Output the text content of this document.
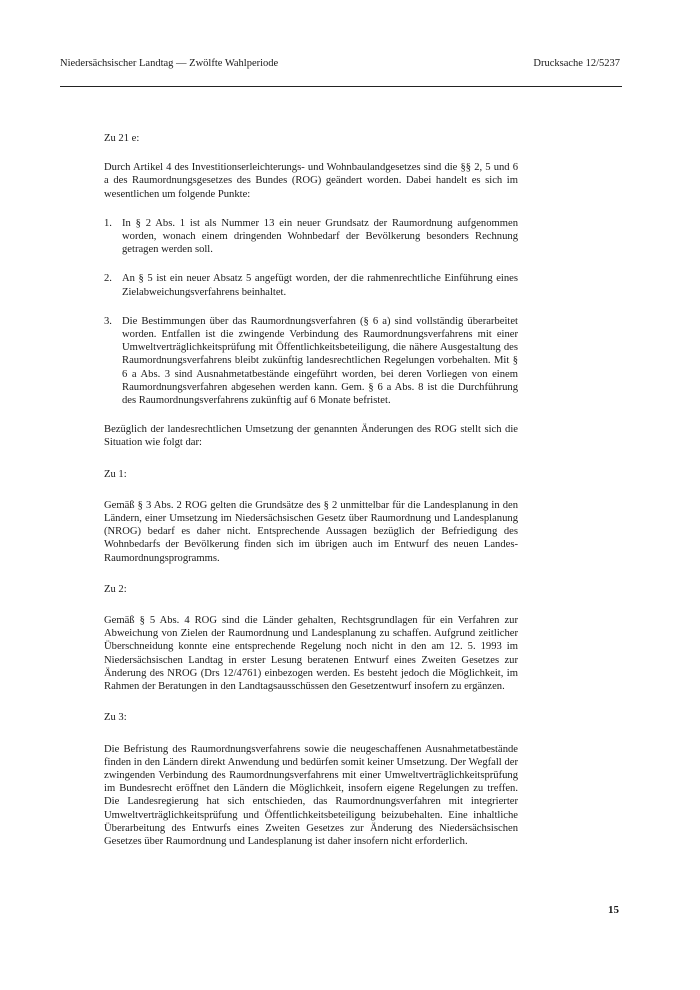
Niedersächsischer Landtag — Zwölfte Wahlperiode	Drucksache 12/5237

Zu 21 e:

Durch Artikel 4 des Investitionserleichterungs- und Wohnbaulandgesetzes sind die §§ 2, 5 und 6 a des Raumordnungsgesetzes des Bundes (ROG) geändert worden. Dabei handelt es sich im wesentlichen um folgende Punkte:

1. In § 2 Abs. 1 ist als Nummer 13 ein neuer Grundsatz der Raumordnung aufgenommen worden, wonach einem dringenden Wohnbedarf der Bevölkerung besonders Rechnung getragen werden soll.

2. An § 5 ist ein neuer Absatz 5 angefügt worden, der die rahmenrechtliche Einführung eines Zielabweichungsverfahrens beinhaltet.

3. Die Bestimmungen über das Raumordnungsverfahren (§ 6 a) sind vollständig überarbeitet worden. Entfallen ist die zwingende Verbindung des Raumordnungsverfahrens mit einer Umweltverträglichkeitsprüfung mit Öffentlichkeitsbeteiligung, die nähere Ausgestaltung des Raumordnungsverfahrens bleibt zukünftig landesrechtlichen Regelungen vorbehalten. Mit § 6 a Abs. 3 sind Ausnahmetatbestände eingeführt worden, bei deren Vorliegen von einem Raumordnungsverfahren abgesehen werden kann. Gem. § 6 a Abs. 8 ist die Durchführung des Raumordnungsverfahrens zukünftig auf 6 Monate befristet.

Bezüglich der landesrechtlichen Umsetzung der genannten Änderungen des ROG stellt sich die Situation wie folgt dar:

Zu 1:

Gemäß § 3 Abs. 2 ROG gelten die Grundsätze des § 2 unmittelbar für die Landesplanung in den Ländern, einer Umsetzung im Niedersächsischen Gesetz über Raumordnung und Landesplanung (NROG) bedarf es daher nicht. Entsprechende Aussagen bezüglich der Befriedigung des Wohnbedarfs der Bevölkerung finden sich im übrigen auch im Entwurf des neuen Landes-Raumordnungsprogramms.

Zu 2:

Gemäß § 5 Abs. 4 ROG sind die Länder gehalten, Rechtsgrundlagen für ein Verfahren zur Abweichung von Zielen der Raumordnung und Landesplanung zu schaffen. Aufgrund zeitlicher Überschneidung konnte eine entsprechende Regelung noch nicht in den am 12. 5. 1993 im Niedersächsischen Landtag in erster Lesung beratenen Entwurf eines Zweiten Gesetzes zur Änderung des NROG (Drs 12/4761) einbezogen werden. Es besteht jedoch die Möglichkeit, im Rahmen der Beratungen in den Landtagsausschüssen den Gesetzentwurf insofern zu ergänzen.

Zu 3:

Die Befristung des Raumordnungsverfahrens sowie die neugeschaffenen Ausnahmetatbestände finden in den Ländern direkt Anwendung und bedürfen somit keiner Umsetzung. Der Wegfall der zwingenden Verbindung des Raumordnungsverfahrens mit einer Umweltverträglichkeitsprüfung im Bundesrecht eröffnet den Ländern die Möglichkeit, insofern eigene Regelungen zu treffen. Die Landesregierung hat sich entschieden, das Raumordnungsverfahren mit integrierter Umweltverträglichkeitsprüfung und Öffentlichkeitsbeteiligung beizubehalten. Eine inhaltliche Überarbeitung des Entwurfs eines Zweiten Gesetzes zur Änderung des Niedersächsischen Gesetzes über Raumordnung und Landesplanung ist daher insofern nicht erforderlich.

15
